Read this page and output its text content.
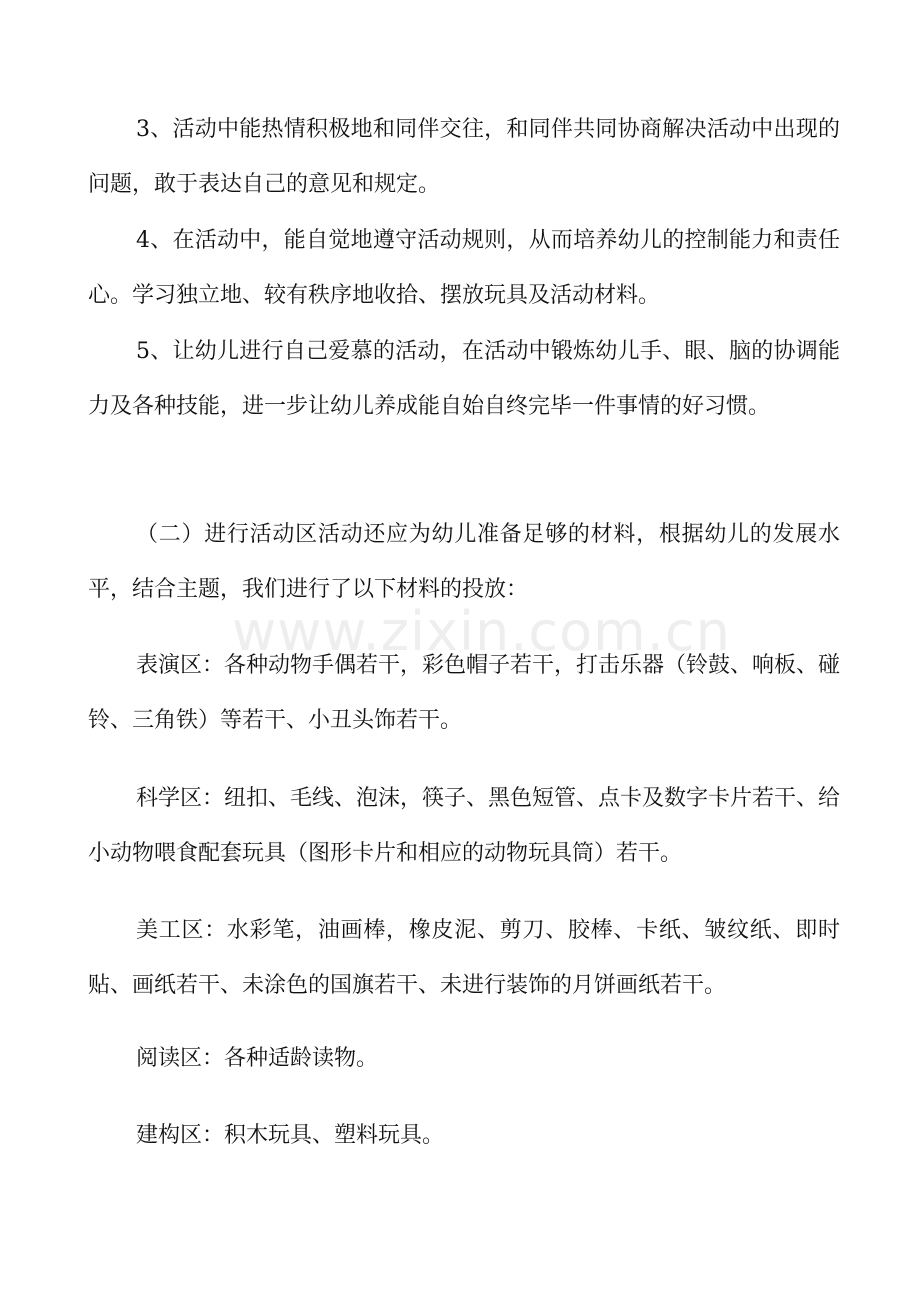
3、活动中能热情积极地和同伴交往，和同伴共同协商解决活动中出现的问题，敢于表达自己的意见和规定。

4、在活动中，能自觉地遵守活动规则，从而培养幼儿的控制能力和责任心。学习独立地、较有秩序地收拾、摆放玩具及活动材料。

5、让幼儿进行自己爱慕的活动，在活动中锻炼幼儿手、眼、脑的协调能力及各种技能，进一步让幼儿养成能自始自终完毕一件事情的好习惯。

（二）进行活动区活动还应为幼儿准备足够的材料，根据幼儿的发展水平，结合主题，我们进行了以下材料的投放：

表演区：各种动物手偶若干，彩色帽子若干，打击乐器（铃鼓、响板、碰铃、三角铁）等若干、小丑头饰若干。

科学区：纽扣、毛线、泡沫，筷子、黑色短管、点卡及数字卡片若干、给小动物喂食配套玩具（图形卡片和相应的动物玩具筒）若干。

美工区：水彩笔，油画棒，橡皮泥、剪刀、胶棒、卡纸、皱纹纸、即时贴、画纸若干、未涂色的国旗若干、未进行装饰的月饼画纸若干。

阅读区：各种适龄读物。

建构区：积木玩具、塑料玩具。

www.zixin.com.cn
